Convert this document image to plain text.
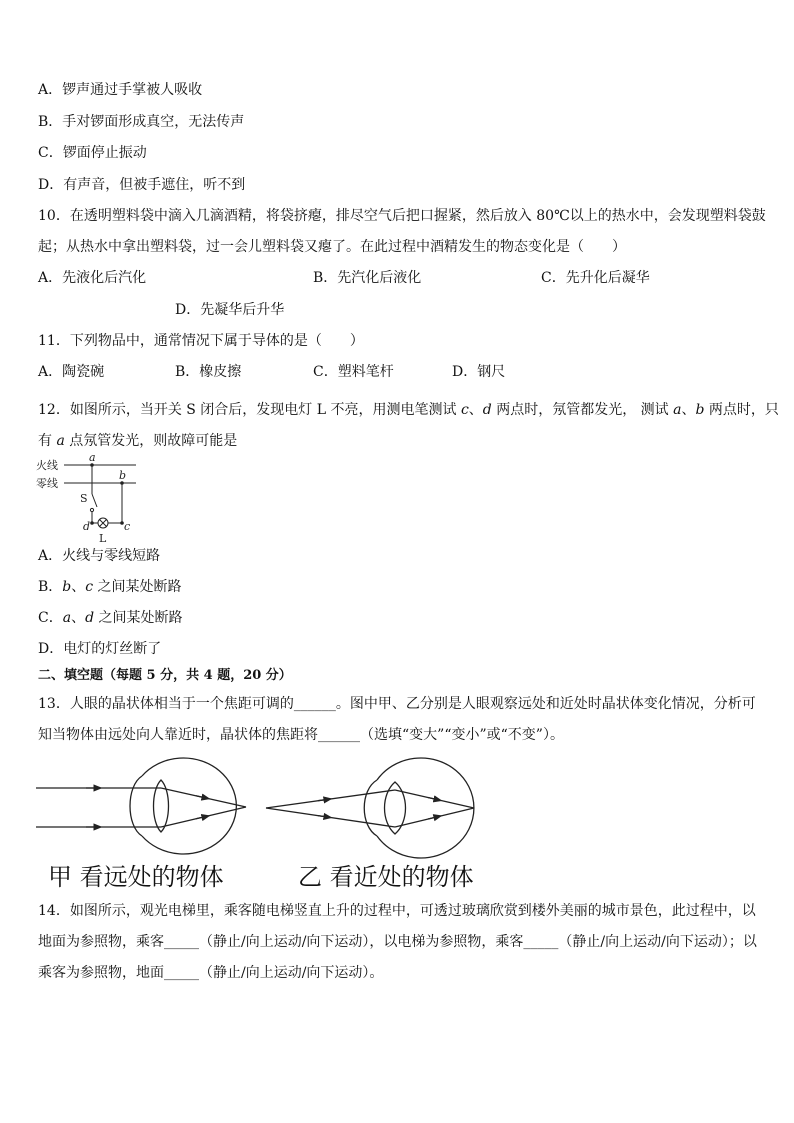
A．锣声通过手掌被人吸收
B．手对锣面形成真空，无法传声
C．锣面停止振动
D．有声音，但被手遮住，听不到
10．在透明塑料袋中滴入几滴酒精，将袋挤瘪，排尽空气后把口握紧，然后放入 80℃以上的热水中，会发现塑料袋鼓
起；从热水中拿出塑料袋，过一会儿塑料袋又瘪了。在此过程中酒精发生的物态变化是（　　）
A．先液化后汽化	B．先汽化后液化	C．先升化后凝华
D．先凝华后升华
11．下列物品中，通常情况下属于导体的是（　　）
A．陶瓷碗	B．橡皮擦	C．塑料笔杆	D．钢尺
12．如图所示，当开关 S 闭合后，发现电灯 L 不亮，用测电笔测试 c、d 两点时，氖管都发光， 测试 a、b 两点时，只
有 a 点氖管发光，则故障可能是
火线
零线
a
b
c
d
S
L
A．火线与零线短路
B．b、c 之间某处断路
C．a、d 之间某处断路
D．电灯的灯丝断了
二、填空题（每题 5 分，共 4 题，20 分）
13．人眼的晶状体相当于一个焦距可调的______。图中甲、乙分别是人眼观察远处和近处时晶状体变化情况，分析可
知当物体由远处向人靠近时，晶状体的焦距将______（选填“变大”“变小”或“不变”）。
甲 看远处的物体	乙 看近处的物体
14．如图所示，观光电梯里，乘客随电梯竖直上升的过程中，可透过玻璃欣赏到楼外美丽的城市景色，此过程中，以
地面为参照物，乘客_____（静止/向上运动/向下运动），以电梯为参照物，乘客_____（静止/向上运动/向下运动）；以
乘客为参照物，地面_____（静止/向上运动/向下运动）。
